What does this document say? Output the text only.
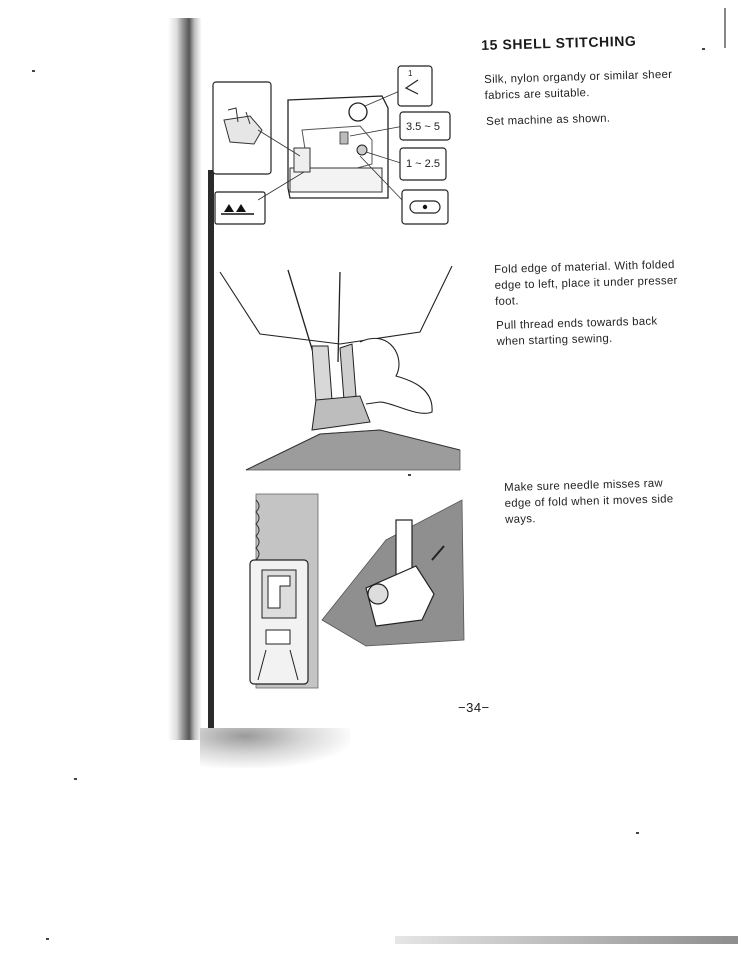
15 SHELL STITCHING
Silk, nylon organdy or similar sheer fabrics are suitable.
Set machine as shown.
Fold edge of material. With folded edge to left, place it under presser foot.
Pull thread ends towards back when starting sewing.
Make sure needle misses raw edge of fold when it moves side ways.
−34−
1
3.5 ~ 5
1 ~ 2.5
